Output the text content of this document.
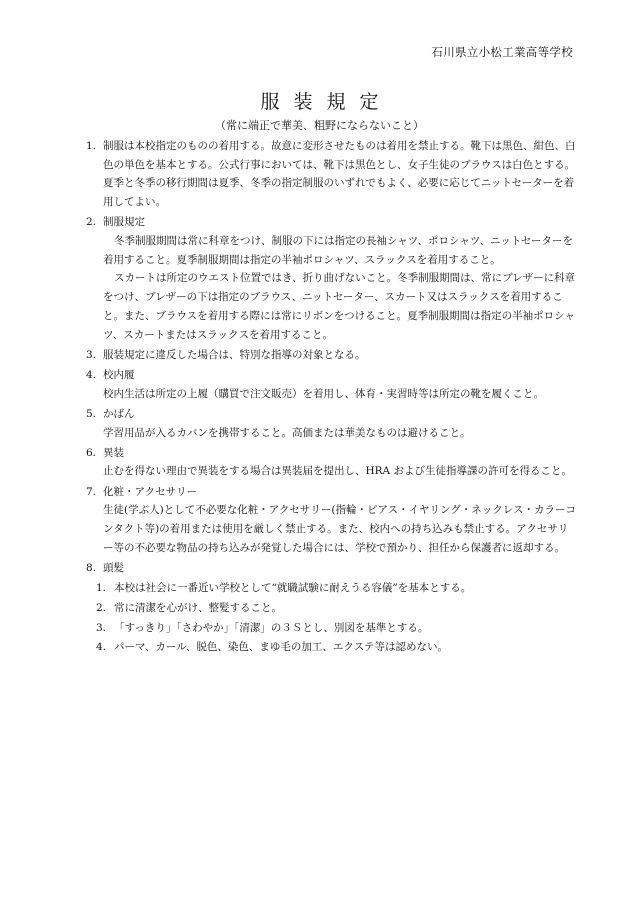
石川県立小松工業高等学校
服装規定
（常に端正で華美、粗野にならないこと）
1. 制服は本校指定のものの着用する。故意に変形させたものは着用を禁止する。靴下は黒色、紺色、白色の単色を基本とする。公式行事においては、靴下は黒色とし、女子生徒のブラウスは白色とする。夏季と冬季の移行期間は夏季、冬季の指定制服のいずれでもよく、必要に応じてニットセーターを着用してよい。

2. 制服規定

冬季制服期間は常に科章をつけ、制服の下には指定の長袖シャツ、ポロシャツ、ニットセーターを着用すること。夏季制服期間は指定の半袖ポロシャツ、スラックスを着用すること。

スカートは所定のウエスト位置ではき、折り曲げないこと。冬季制服期間は、常にブレザーに科章をつけ、ブレザーの下は指定のブラウス、ニットセーター、スカート又はスラックスを着用すること。また、ブラウスを着用する際には常にリボンをつけること。夏季制服期間は指定の半袖ポロシャツ、スカートまたはスラックスを着用すること。

3. 服装規定に違反した場合は、特別な指導の対象となる。

4. 校内履

校内生活は所定の上履（購買で注文販売）を着用し、体育・実習時等は所定の靴を履くこと。

5. かばん

学習用品が入るカバンを携帯すること。高価または華美なものは避けること。

6. 異装

止むを得ない理由で異装をする場合は異装届を提出し、HRA および生徒指導課の許可を得ること。

7. 化粧・アクセサリー

生徒(学ぶ人)として不必要な化粧・アクセサリー(指輪・ピアス・イヤリング・ネックレス・カラーコンタクト等)の着用または使用を厳しく禁止する。また、校内への持ち込みも禁止する。アクセサリー等の不必要な物品の持ち込みが発覚した場合には、学校で預かり、担任から保護者に返却する。

8. 頭髪
1. 本校は社会に一番近い学校として“就職試験に耐えうる容儀”を基本とする。
2. 常に清潔を心がけ、整髪すること。
3. 「すっきり」「さわやか」「清潔」の３Ｓとし、別図を基準とする。
4. パーマ、カール、脱色、染色、まゆ毛の加工、エクステ等は認めない。
